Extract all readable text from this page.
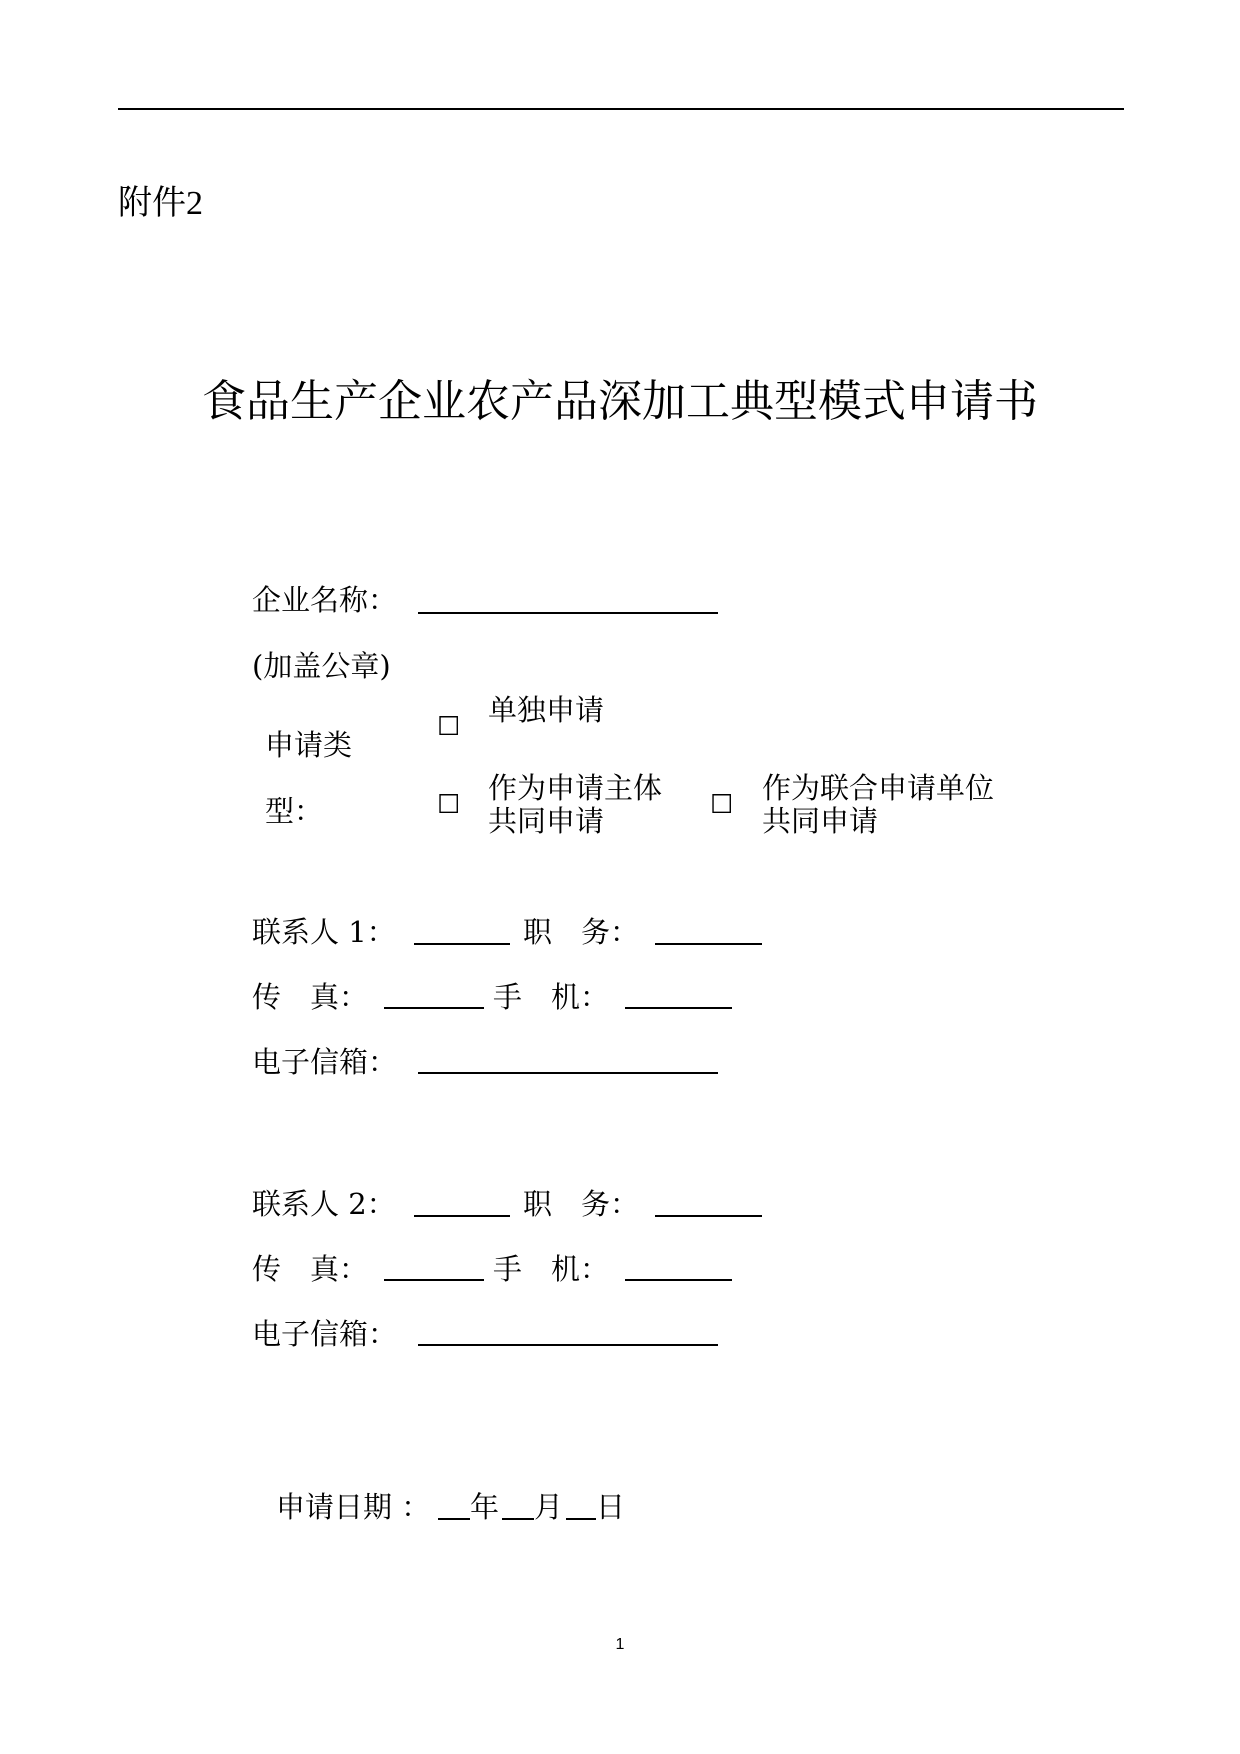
附件2
食品生产企业农产品深加工典型模式申请书
企业名称：
(加盖公章)
申请类
型：
☐ 单独申请
☐ 作为申请主体
共同申请	☐ 作为联合申请单位
共同申请
联系人 1：	职　务：
传　真：	手　机：
电子信箱：
联系人 2：	职　务：
传　真：	手　机：
电子信箱：
申请日期 ： 年 月 日
1
